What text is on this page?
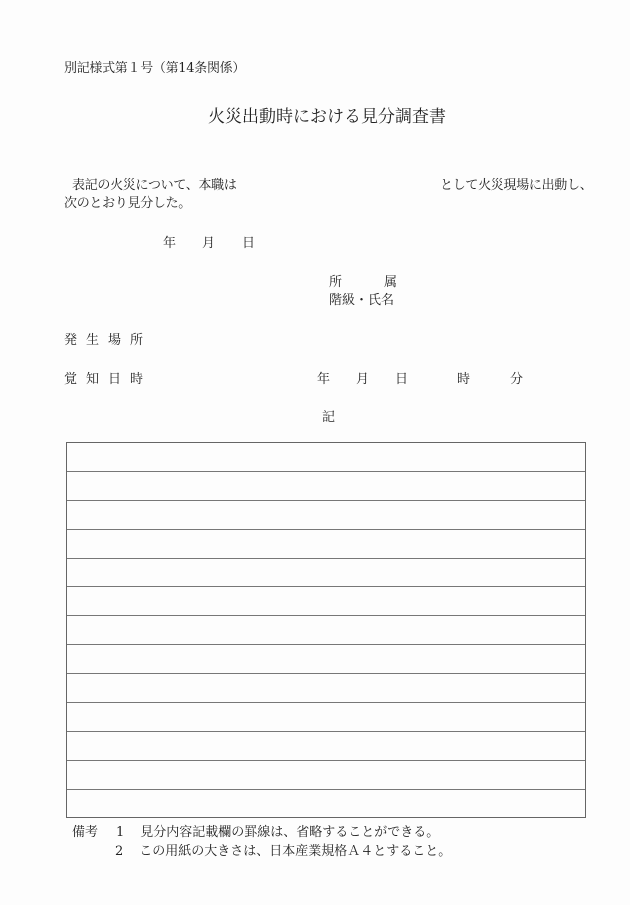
別記様式第１号（第14条関係）
火災出動時における見分調査書
表記の火災について、本職は	として火災現場に出動し、
次のとおり見分した。
年 月 日
所	属
階級・氏名
発生場所
覚知日時	年 月 日	時	分
記
備考 1 見分内容記載欄の罫線は、省略することができる。
2 この用紙の大きさは、日本産業規格Ａ４とすること。
